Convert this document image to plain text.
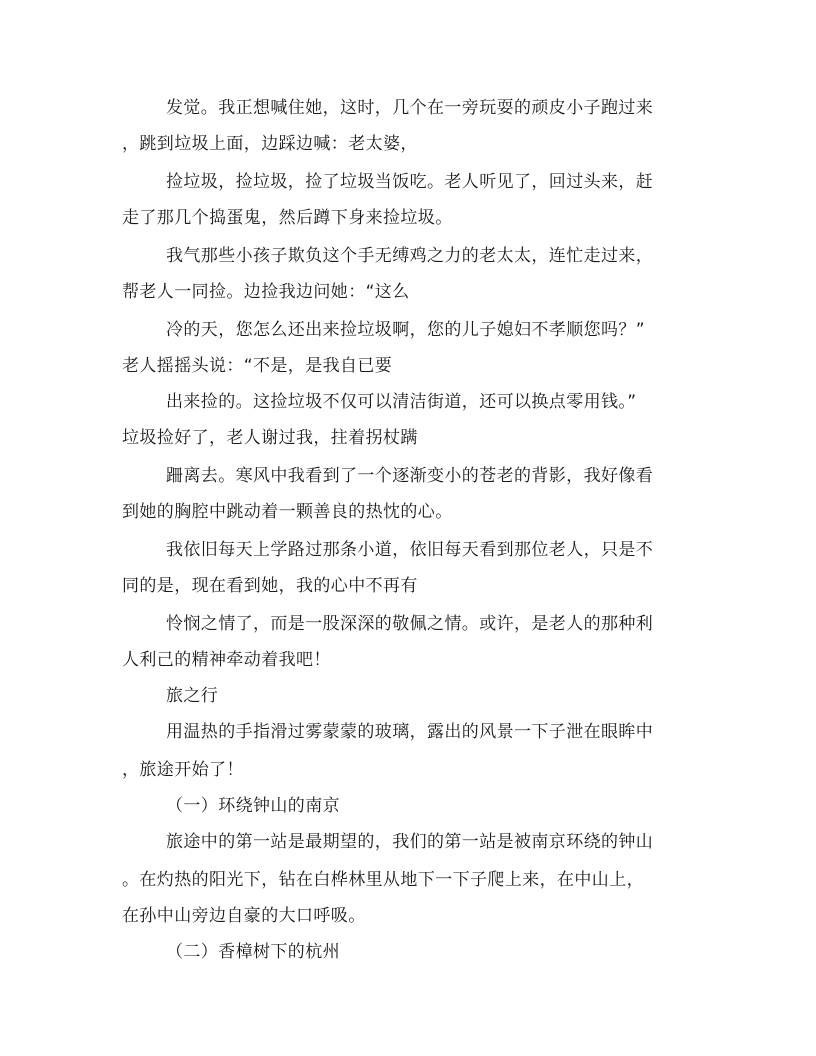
发觉。我正想喊住她，这时，几个在一旁玩耍的顽皮小子跑过来
，跳到垃圾上面，边踩边喊：老太婆，
捡垃圾，捡垃圾，捡了垃圾当饭吃。老人听见了，回过头来，赶
走了那几个捣蛋鬼，然后蹲下身来捡垃圾。
我气那些小孩子欺负这个手无缚鸡之力的老太太，连忙走过来，
帮老人一同捡。边捡我边问她：“这么
冷的天，您怎么还出来捡垃圾啊，您的儿子媳妇不孝顺您吗？”
老人摇摇头说：“不是，是我自已要
出来捡的。这捡垃圾不仅可以清洁街道，还可以换点零用钱。”
垃圾捡好了，老人谢过我，拄着拐杖蹒
跚离去。寒风中我看到了一个逐渐变小的苍老的背影，我好像看
到她的胸腔中跳动着一颗善良的热忱的心。
我依旧每天上学路过那条小道，依旧每天看到那位老人，只是不
同的是，现在看到她，我的心中不再有
怜悯之情了，而是一股深深的敬佩之情。或许，是老人的那种利
人利己的精神牵动着我吧！
旅之行
用温热的手指滑过雾蒙蒙的玻璃，露出的风景一下子泄在眼眸中
，旅途开始了！
（一）环绕钟山的南京
旅途中的第一站是最期望的，我们的第一站是被南京环绕的钟山
。在灼热的阳光下，钻在白桦林里从地下一下子爬上来，在中山上，
在孙中山旁边自豪的大口呼吸。
（二）香樟树下的杭州
